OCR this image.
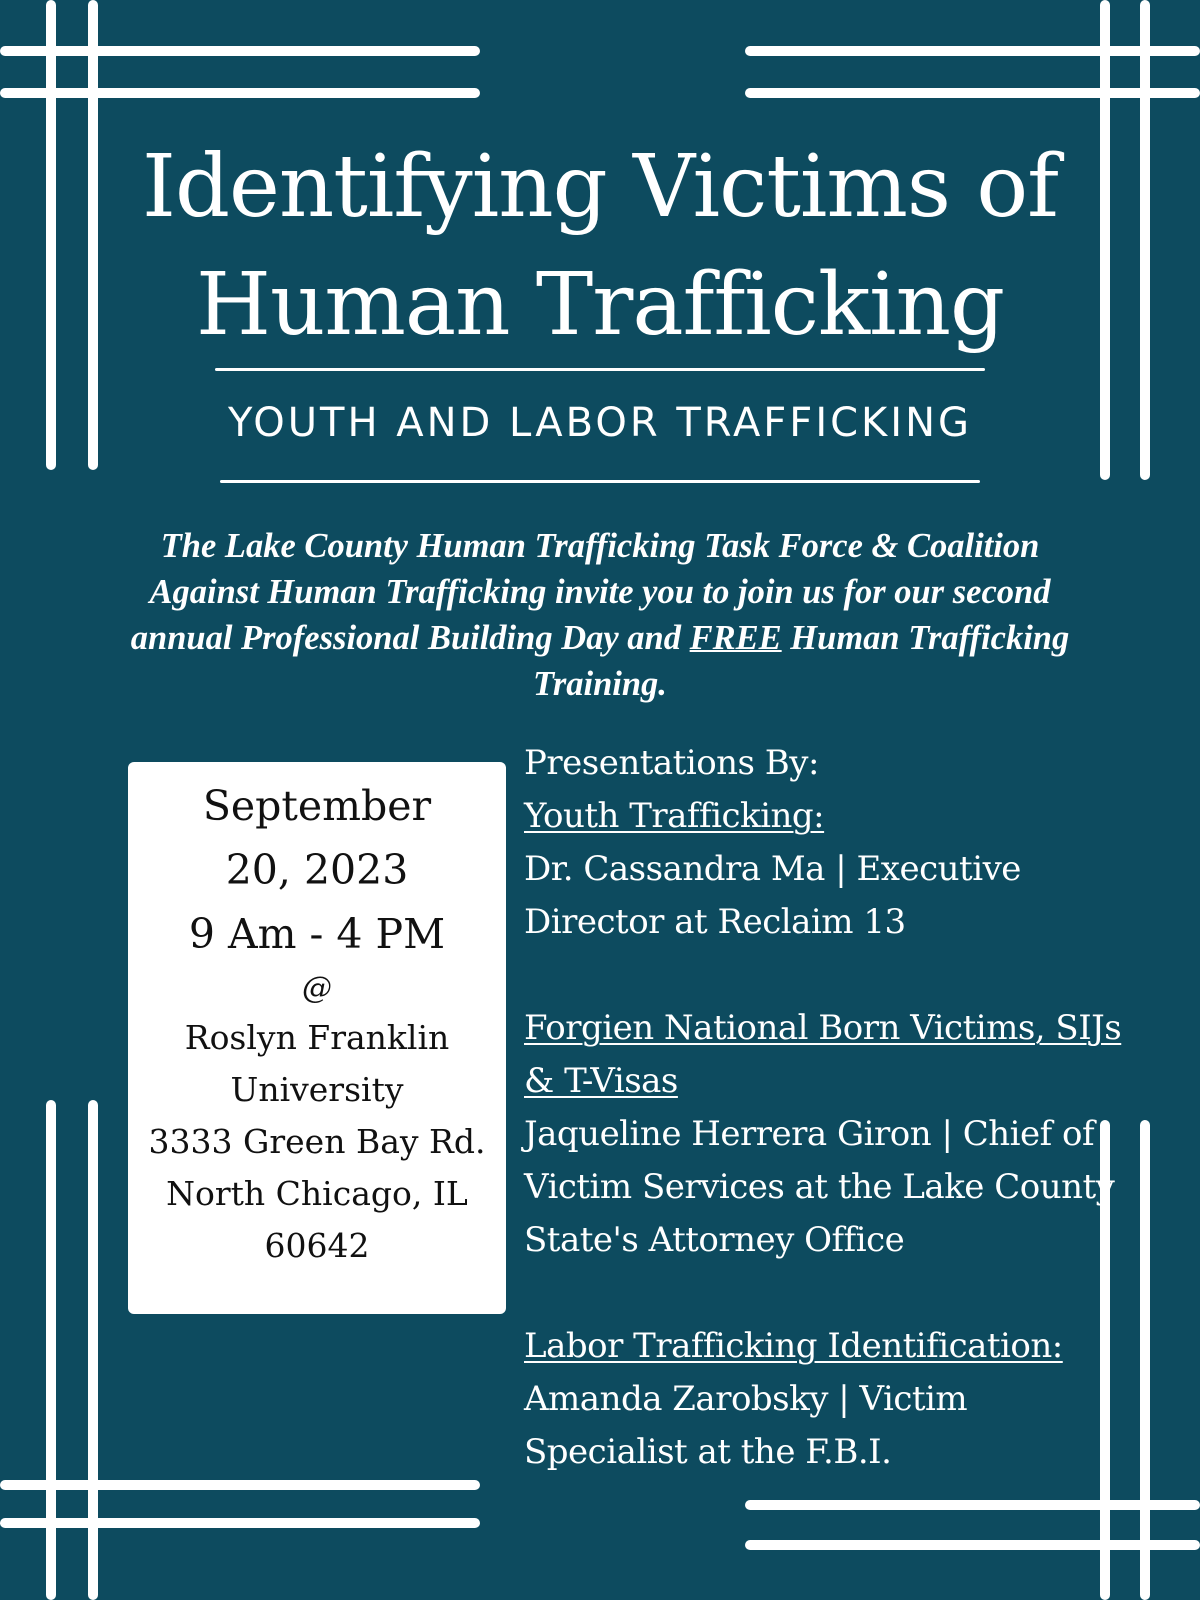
Identifying Victims of
Human Trafficking
YOUTH AND LABOR TRAFFICKING
The Lake County Human Trafficking Task Force & Coalition Against Human Trafficking invite you to join us for our second annual Professional Building Day and FREE Human Trafficking Training.
September
20, 2023
9 Am - 4 PM
@
Roslyn Franklin
University
3333 Green Bay Rd.
North Chicago, IL
60642
Presentations By:
Youth Trafficking:
Dr. Cassandra Ma | Executive
Director at Reclaim 13
Forgien National Born Victims, SIJs
& T-Visas
Jaqueline Herrera Giron | Chief of
Victim Services at the Lake County
State's Attorney Office
Labor Trafficking Identification:
Amanda Zarobsky | Victim
Specialist at the F.B.I.
